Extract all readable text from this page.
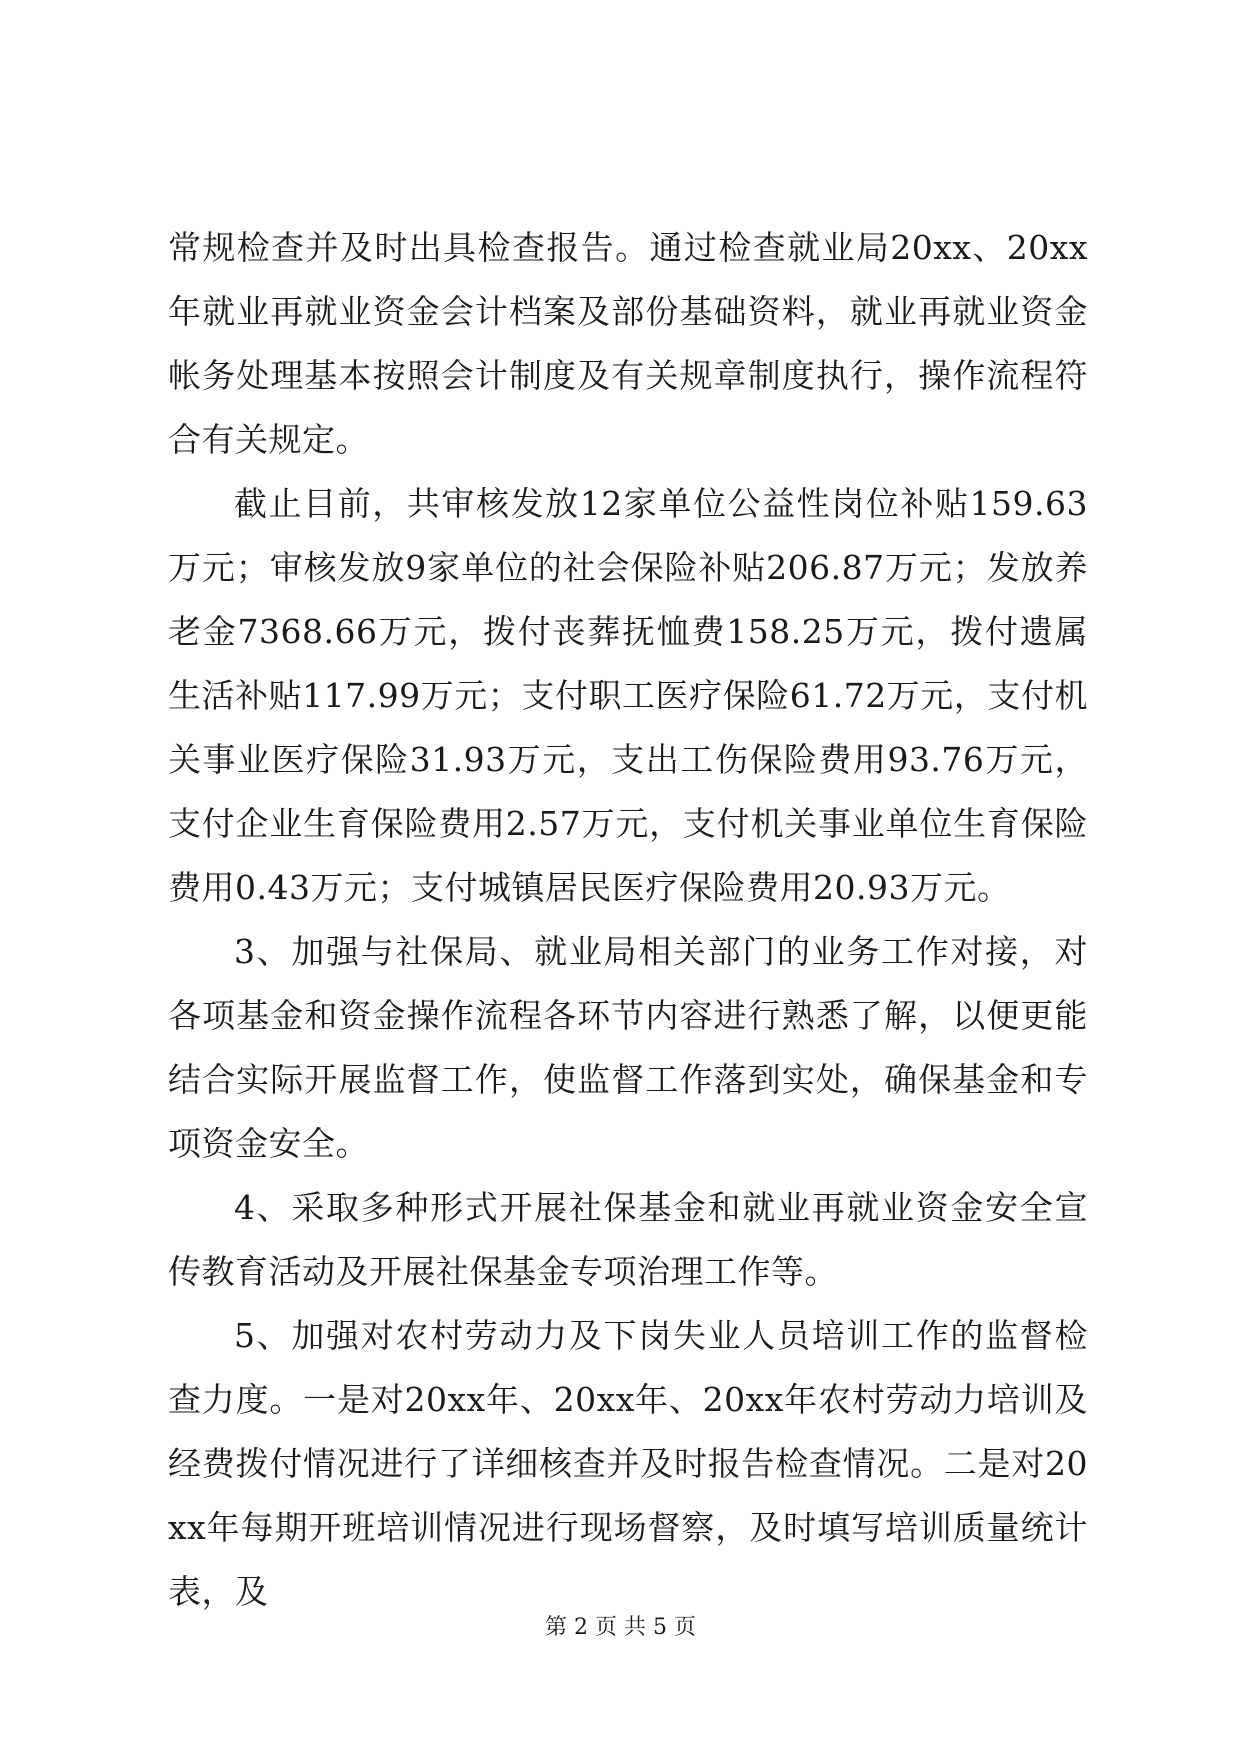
常规检查并及时出具检查报告。通过检查就业局20xx、20xx年就业再就业资金会计档案及部份基础资料，就业再就业资金帐务处理基本按照会计制度及有关规章制度执行，操作流程符合有关规定。

截止目前，共审核发放12家单位公益性岗位补贴159.63万元；审核发放9家单位的社会保险补贴206.87万元；发放养老金7368.66万元，拨付丧葬抚恤费158.25万元，拨付遗属生活补贴117.99万元；支付职工医疗保险61.72万元，支付机关事业医疗保险31.93万元，支出工伤保险费用93.76万元，支付企业生育保险费用2.57万元，支付机关事业单位生育保险费用0.43万元；支付城镇居民医疗保险费用20.93万元。

3、加强与社保局、就业局相关部门的业务工作对接，对各项基金和资金操作流程各环节内容进行熟悉了解，以便更能结合实际开展监督工作，使监督工作落到实处，确保基金和专项资金安全。

4、采取多种形式开展社保基金和就业再就业资金安全宣传教育活动及开展社保基金专项治理工作等。

5、加强对农村劳动力及下岗失业人员培训工作的监督检查力度。一是对20xx年、20xx年、20xx年农村劳动力培训及经费拨付情况进行了详细核查并及时报告检查情况。二是对20xx年每期开班培训情况进行现场督察，及时填写培训质量统计表，及

第 2 页 共 5 页
